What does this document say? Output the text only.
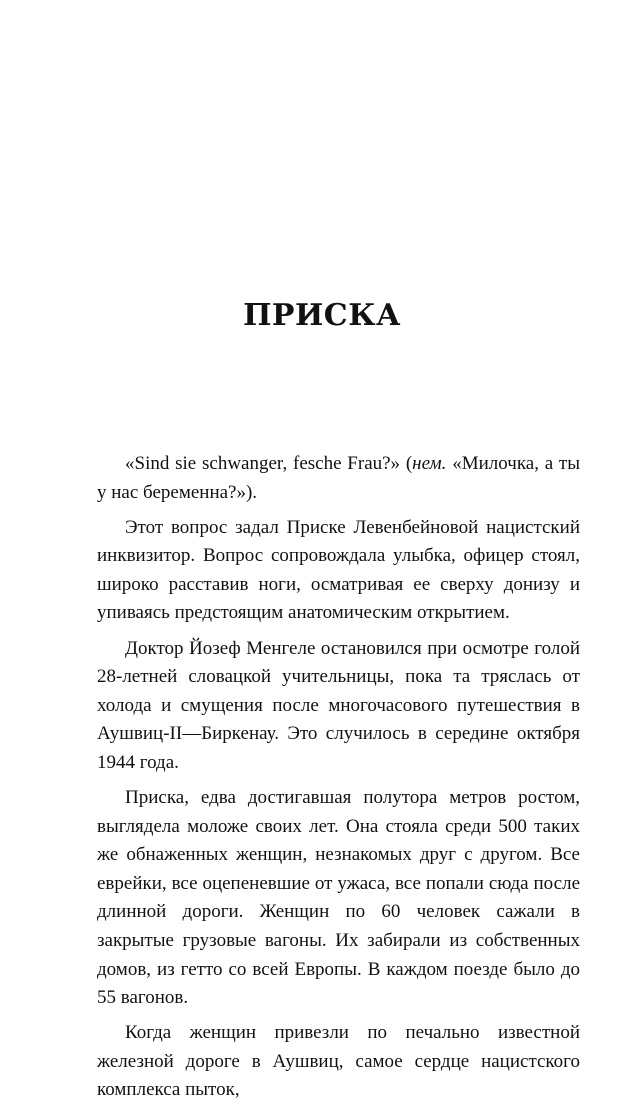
ПРИСКА

«Sind sie schwanger, fesche Frau?» (нем. «Милочка, а ты у нас беременна?»).

Этот вопрос задал Приске Левенбейновой нацистский инквизитор. Вопрос сопровождала улыбка, офицер стоял, широко расставив ноги, осматривая ее сверху донизу и упиваясь предстоящим анатомическим открытием.

Доктор Йозеф Менгеле остановился при осмотре голой 28-летней словацкой учительницы, пока та тряслась от холода и смущения после многочасового путешествия в Аушвиц-II—Биркенау. Это случилось в середине октября 1944 года.

Приска, едва достигавшая полутора метров ростом, выглядела моложе своих лет. Она стояла среди 500 таких же обнаженных женщин, незнакомых друг с другом. Все еврейки, все оцепеневшие от ужаса, все попали сюда после длинной дороги. Женщин по 60 человек сажали в закрытые грузовые вагоны. Их забирали из собственных домов, из гетто со всей Европы. В каждом поезде было до 55 вагонов.

Когда женщин привезли по печально известной железной дороге в Аушвиц, самое сердце нацистского комплекса пыток,
